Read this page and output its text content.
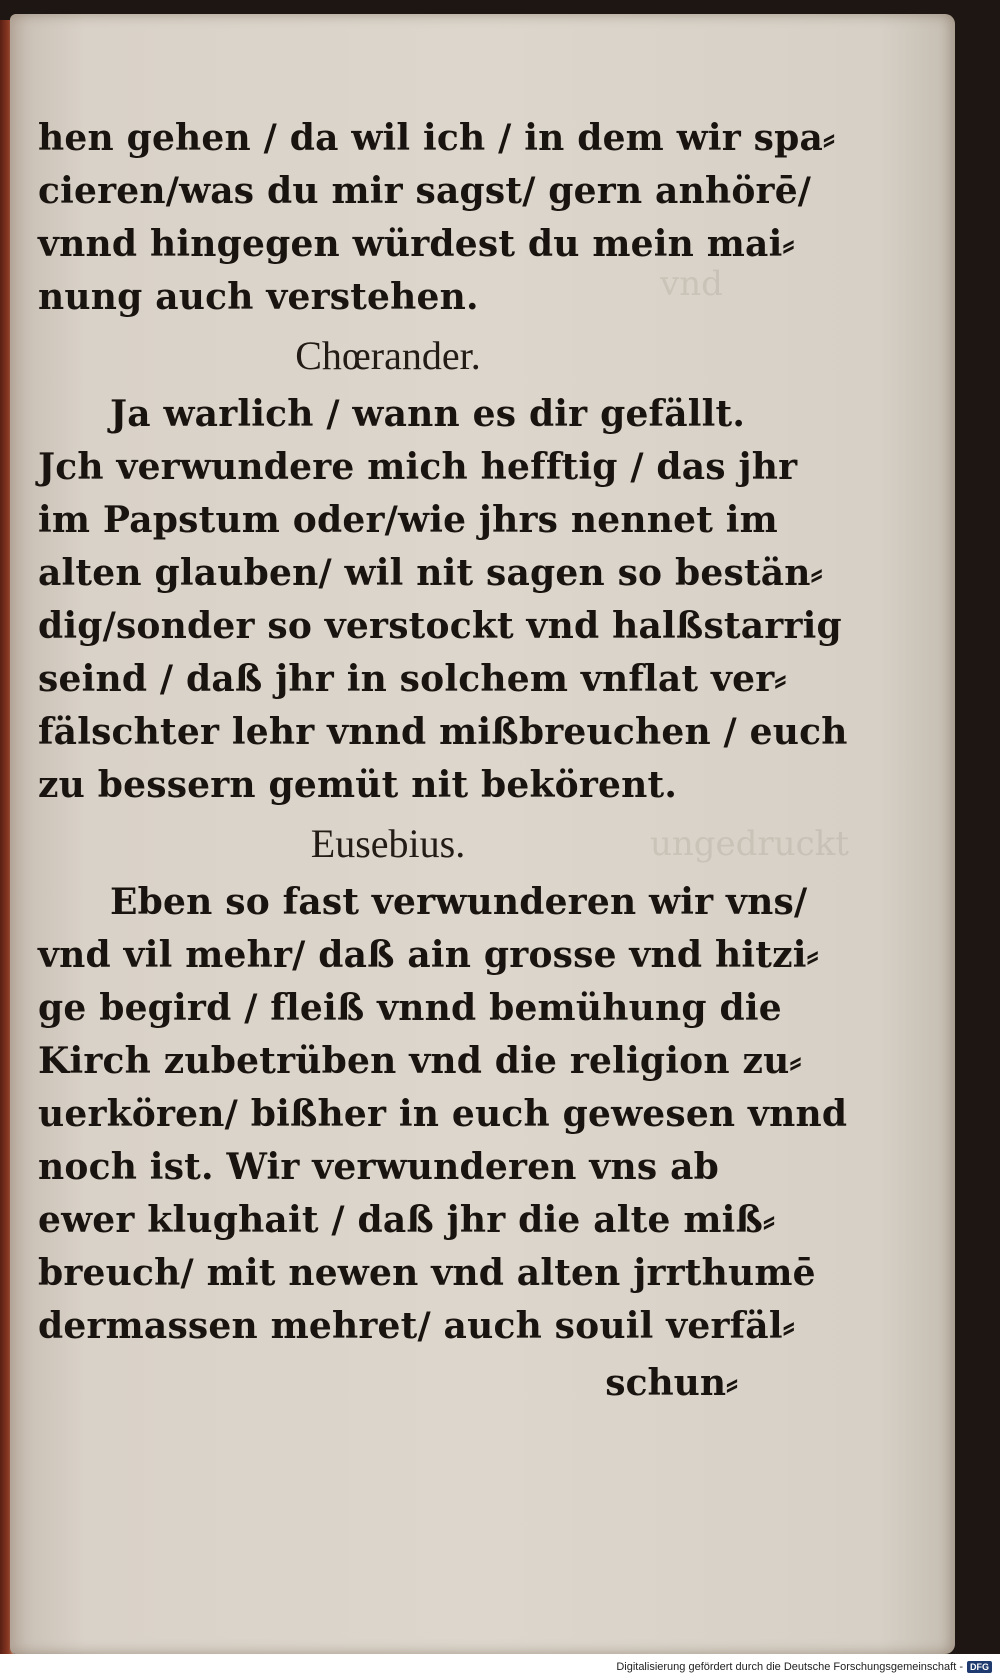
vnd
ungedruckt
hen gehen / da wil ich / in dem wir spa⸗
cieren/was du mir sagst/ gern anhörē/
vnnd hingegen würdest du mein mai⸗
nung auch verstehen.
Chœrander.
Ja warlich / wann es dir gefällt.
Jch verwundere mich hefftig / das jhr
im Papstum oder/wie jhrs nennet im
alten glauben/ wil nit sagen so bestän⸗
dig/sonder so verstockt vnd halßstarrig
seind / daß jhr in solchem vnflat ver⸗
fälschter lehr vnnd mißbreuchen / euch
zu bessern gemüt nit bekörent.
Eusebius.
Eben so fast verwunderen wir vns/
vnd vil mehr/ daß ain grosse vnd hitzi⸗
ge begird / fleiß vnnd bemühung die
Kirch zubetrüben vnd die religion zu⸗
uerkören/ bißher in euch gewesen vnnd
noch ist. Wir verwunderen vns ab
ewer klughait / daß jhr die alte miß⸗
breuch/ mit newen vnd alten jrrthumē
dermassen mehret/ auch souil verfäl⸗
schun⸗
Digitalisierung gefördert durch die Deutsche Forschungsgemeinschaft - DFG
